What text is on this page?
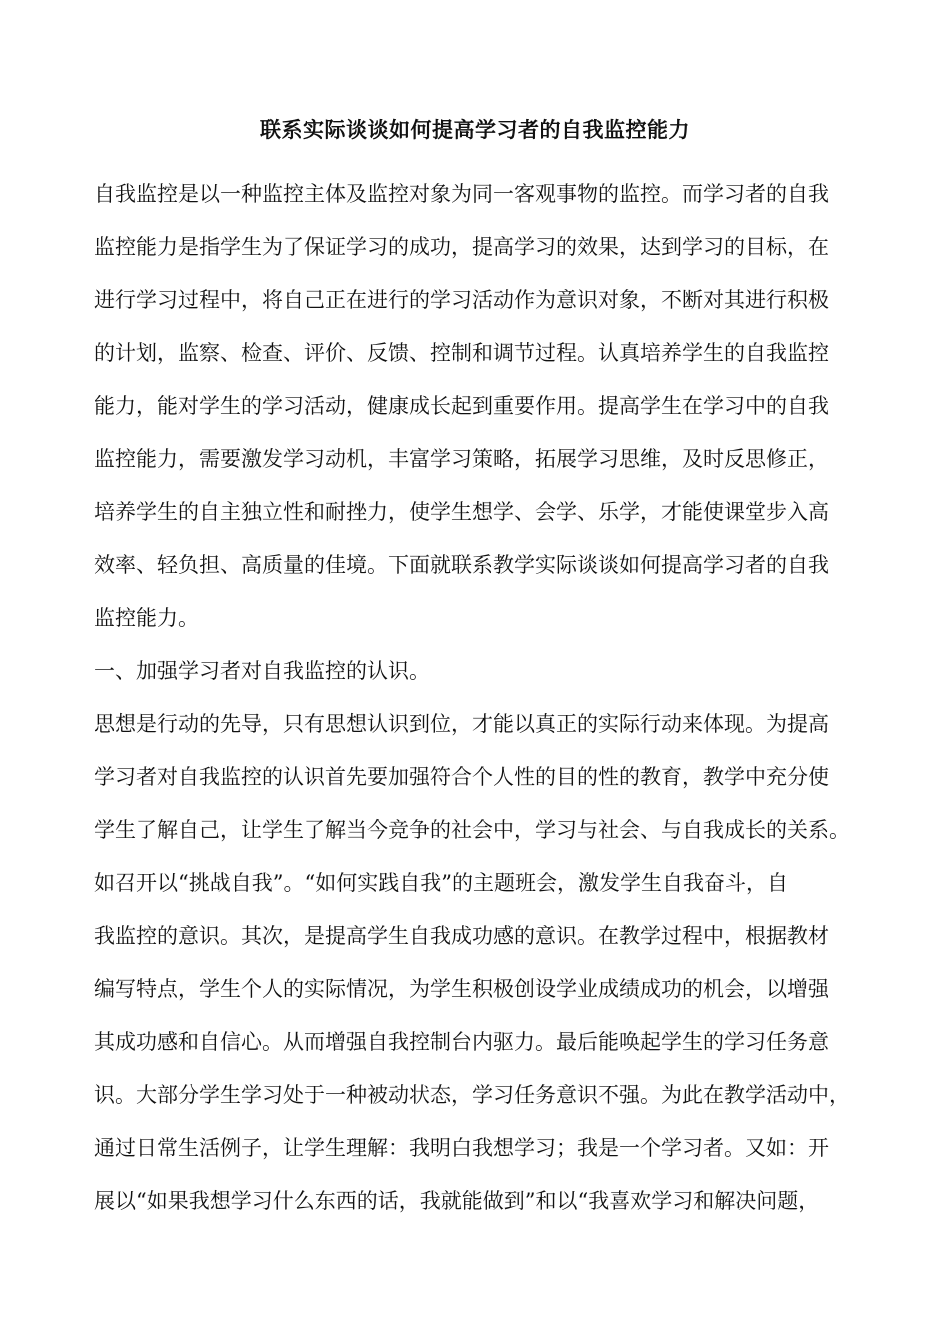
联系实际谈谈如何提高学习者的自我监控能力
自我监控是以一种监控主体及监控对象为同一客观事物的监控。而学习者的自我
监控能力是指学生为了保证学习的成功，提高学习的效果，达到学习的目标，在
进行学习过程中，将自己正在进行的学习活动作为意识对象，不断对其进行积极
的计划，监察、检查、评价、反馈、控制和调节过程。认真培养学生的自我监控
能力，能对学生的学习活动，健康成长起到重要作用。提高学生在学习中的自我
监控能力，需要激发学习动机，丰富学习策略，拓展学习思维，及时反思修正，
培养学生的自主独立性和耐挫力，使学生想学、会学、乐学，才能使课堂步入高
效率、轻负担、高质量的佳境。下面就联系教学实际谈谈如何提高学习者的自我
监控能力。
一、加强学习者对自我监控的认识。
思想是行动的先导，只有思想认识到位，才能以真正的实际行动来体现。为提高
学习者对自我监控的认识首先要加强符合个人性的目的性的教育，教学中充分使
学生了解自己，让学生了解当今竞争的社会中，学习与社会、与自我成长的关系。
如召开以“挑战自我”。“如何实践自我”的主题班会，激发学生自我奋斗，自
我监控的意识。其次，是提高学生自我成功感的意识。在教学过程中，根据教材
编写特点，学生个人的实际情况，为学生积极创设学业成绩成功的机会，以增强
其成功感和自信心。从而增强自我控制台内驱力。最后能唤起学生的学习任务意
识。大部分学生学习处于一种被动状态，学习任务意识不强。为此在教学活动中，
通过日常生活例子，让学生理解：我明白我想学习；我是一个学习者。又如：开
展以“如果我想学习什么东西的话，我就能做到”和以“我喜欢学习和解决问题，
